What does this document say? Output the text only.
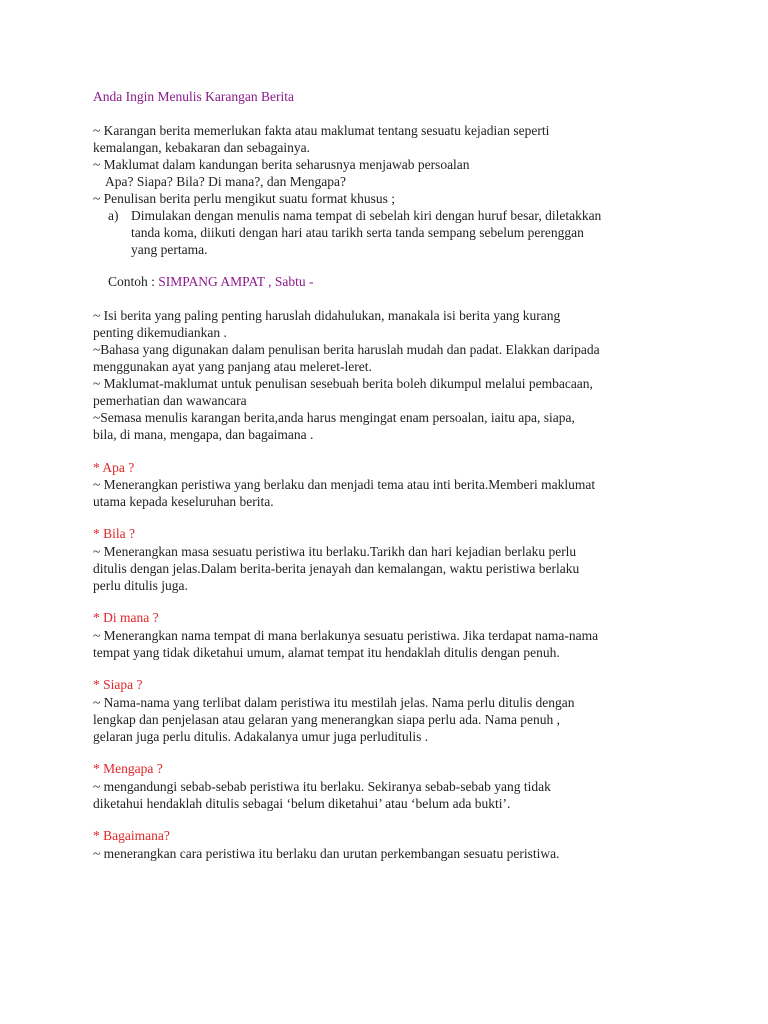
Anda Ingin Menulis Karangan Berita

~ Karangan berita memerlukan fakta atau maklumat tentang sesuatu kejadian seperti

kemalangan, kebakaran dan sebagainya.

~ Maklumat dalam kandungan berita seharusnya menjawab persoalan

Apa? Siapa? Bila? Di mana?, dan Mengapa?

~ Penulisan berita perlu mengikut suatu format khusus ;

a) Dimulakan dengan menulis nama tempat di sebelah kiri dengan huruf besar, diletakkan

tanda koma, diikuti dengan hari atau tarikh serta tanda sempang sebelum perenggan

yang pertama.

Contoh : SIMPANG AMPAT , Sabtu -

~ Isi berita yang paling penting haruslah didahulukan, manakala isi berita yang kurang

penting dikemudiankan .

~Bahasa yang digunakan dalam penulisan berita haruslah mudah dan padat. Elakkan daripada

menggunakan ayat yang panjang atau meleret-leret.

~ Maklumat-maklumat untuk penulisan sesebuah berita boleh dikumpul melalui pembacaan,

pemerhatian dan wawancara

~Semasa menulis karangan berita,anda harus mengingat enam persoalan, iaitu apa, siapa,

bila, di mana, mengapa, dan bagaimana .

* Apa ?

~ Menerangkan peristiwa yang berlaku dan menjadi tema atau inti berita.Memberi maklumat

utama kepada keseluruhan berita.

* Bila ?

~ Menerangkan masa sesuatu peristiwa itu berlaku.Tarikh dan hari kejadian berlaku perlu

ditulis dengan jelas.Dalam berita-berita jenayah dan kemalangan, waktu peristiwa berlaku

perlu ditulis juga.

* Di mana ?

~ Menerangkan nama tempat di mana berlakunya sesuatu peristiwa. Jika terdapat nama-nama

tempat yang tidak diketahui umum, alamat tempat itu hendaklah ditulis dengan penuh.

* Siapa ?

~ Nama-nama yang terlibat dalam peristiwa itu mestilah jelas. Nama perlu ditulis dengan

lengkap dan penjelasan atau gelaran yang menerangkan siapa perlu ada. Nama penuh ,

gelaran juga perlu ditulis. Adakalanya umur juga perluditulis .

* Mengapa ?

~ mengandungi sebab-sebab peristiwa itu berlaku. Sekiranya sebab-sebab yang tidak

diketahui hendaklah ditulis sebagai ‘belum diketahui’ atau ‘belum ada bukti’.

* Bagaimana?

~ menerangkan cara peristiwa itu berlaku dan urutan perkembangan sesuatu peristiwa.
